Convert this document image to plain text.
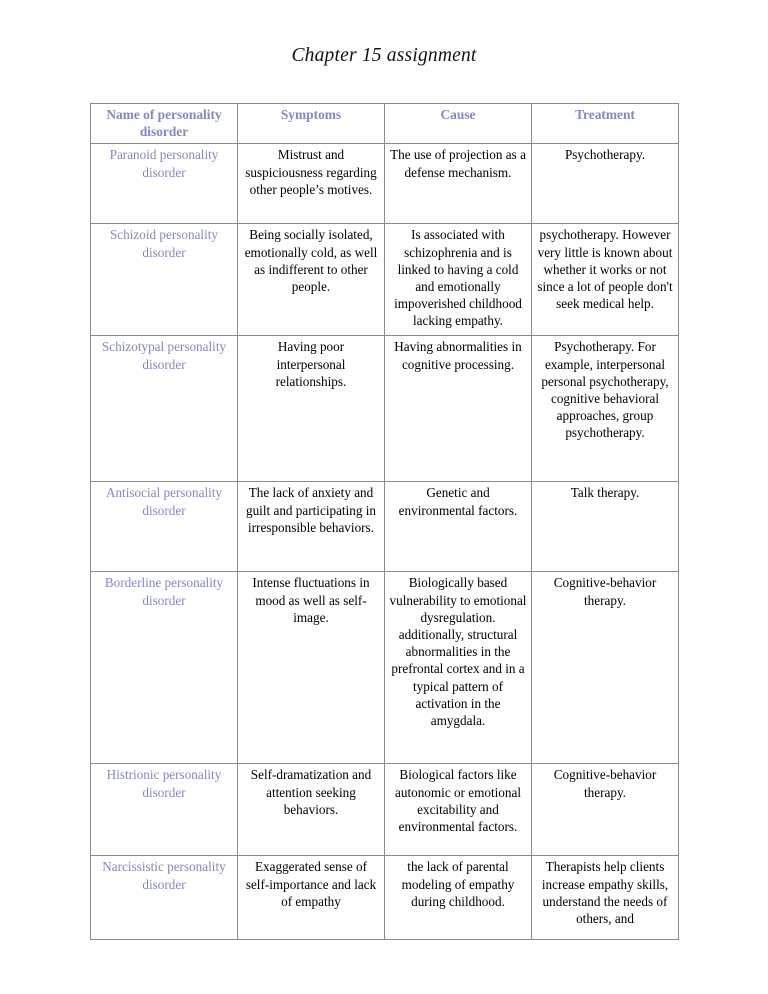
Chapter 15 assignment
Name of personality disorder	Symptoms	Cause	Treatment
Paranoid personality disorder	Mistrust and suspiciousness regarding other people’s motives.	The use of projection as a defense mechanism.	Psychotherapy.
Schizoid personality disorder	Being socially isolated, emotionally cold, as well as indifferent to other people.	Is associated with schizophrenia and is linked to having a cold and emotionally impoverished childhood lacking empathy.	psychotherapy. However very little is known about whether it works or not since a lot of people don't seek medical help.
Schizotypal personality disorder	Having poor interpersonal relationships.	Having abnormalities in cognitive processing.	Psychotherapy. For example, interpersonal personal psychotherapy, cognitive behavioral approaches, group psychotherapy.
Antisocial personality disorder	The lack of anxiety and guilt and participating in irresponsible behaviors.	Genetic and environmental factors.	Talk therapy.
Borderline personality disorder	Intense fluctuations in mood as well as self-image.	Biologically based vulnerability to emotional dysregulation. additionally, structural abnormalities in the prefrontal cortex and in a typical pattern of activation in the amygdala.	Cognitive-behavior therapy.
Histrionic personality disorder	Self-dramatization and attention seeking behaviors.	Biological factors like autonomic or emotional excitability and environmental factors.	Cognitive-behavior therapy.
Narcissistic personality disorder	Exaggerated sense of self-importance and lack of empathy	the lack of parental modeling of empathy during childhood.	Therapists help clients increase empathy skills, understand the needs of others, and
